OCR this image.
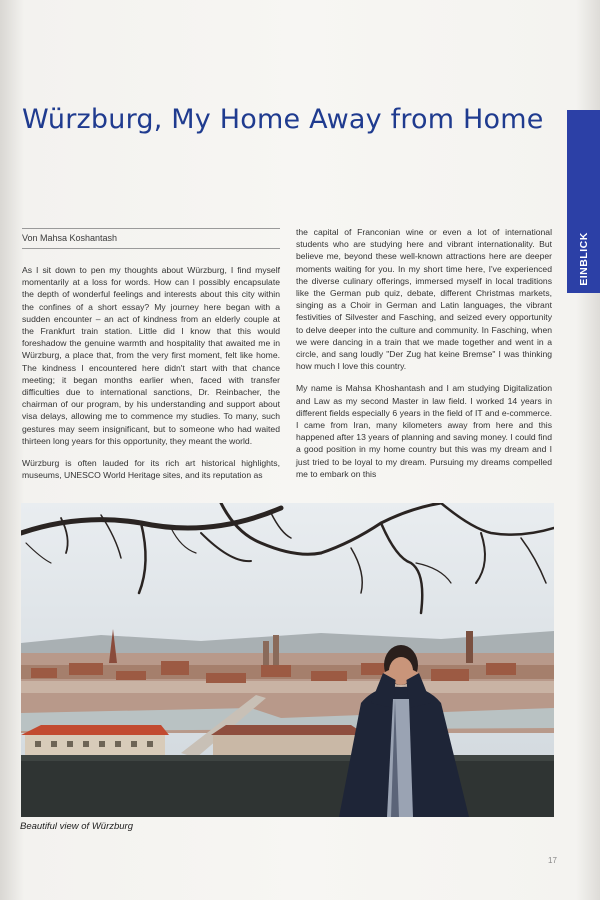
Würzburg, My Home Away from Home
EINBLICK
Von Mahsa Koshantash

As I sit down to pen my thoughts about Würzburg, I find myself momentarily at a loss for words. How can I possibly encapsulate the depth of wonderful feelings and interests about this city within the confines of a short essay? My journey here began with a sudden encounter – an act of kindness from an elderly couple at the Frankfurt train station. Little did I know that this would foreshadow the genuine warmth and hospitality that awaited me in Würzburg, a place that, from the very first moment, felt like home. The kindness I encountered here didn't start with that chance meeting; it began months earlier when, faced with transfer difficulties due to international sanctions, Dr. Reinbacher, the chairman of our program, by his understanding and support about visa delays, allowing me to commence my studies. To many, such gestures may seem insignificant, but to someone who had waited thirteen long years for this opportunity, they meant the world.

Würzburg is often lauded for its rich art historical highlights, museums, UNESCO World Heritage sites, and its reputation as

the capital of Franconian wine or even a lot of international students who are studying here and vibrant internationality. But believe me, beyond these well-known attractions here are deeper moments waiting for you. In my short time here, I've experienced the diverse culinary offerings, immersed myself in local traditions like the German pub quiz, debate, different Christmas markets, singing as a Choir in German and Latin languages, the vibrant festivities of Silvester and Fasching, and seized every opportunity to delve deeper into the culture and community. In Fasching, when we were dancing in a train that we made together and went in a circle, and sang loudly "Der Zug hat keine Bremse" I was thinking how much I love this country.

My name is Mahsa Khoshantash and I am studying Digitalization and Law as my second Master in law field. I worked 14 years in different fields especially 6 years in the field of IT and e-commerce. I came from Iran, many kilometers away from here and this happened after 13 years of planning and saving money. I could find a good position in my home country but this was my dream and I just tried to be loyal to my dream. Pursuing my dreams compelled me to embark on this

Beautiful view of Würzburg
17
